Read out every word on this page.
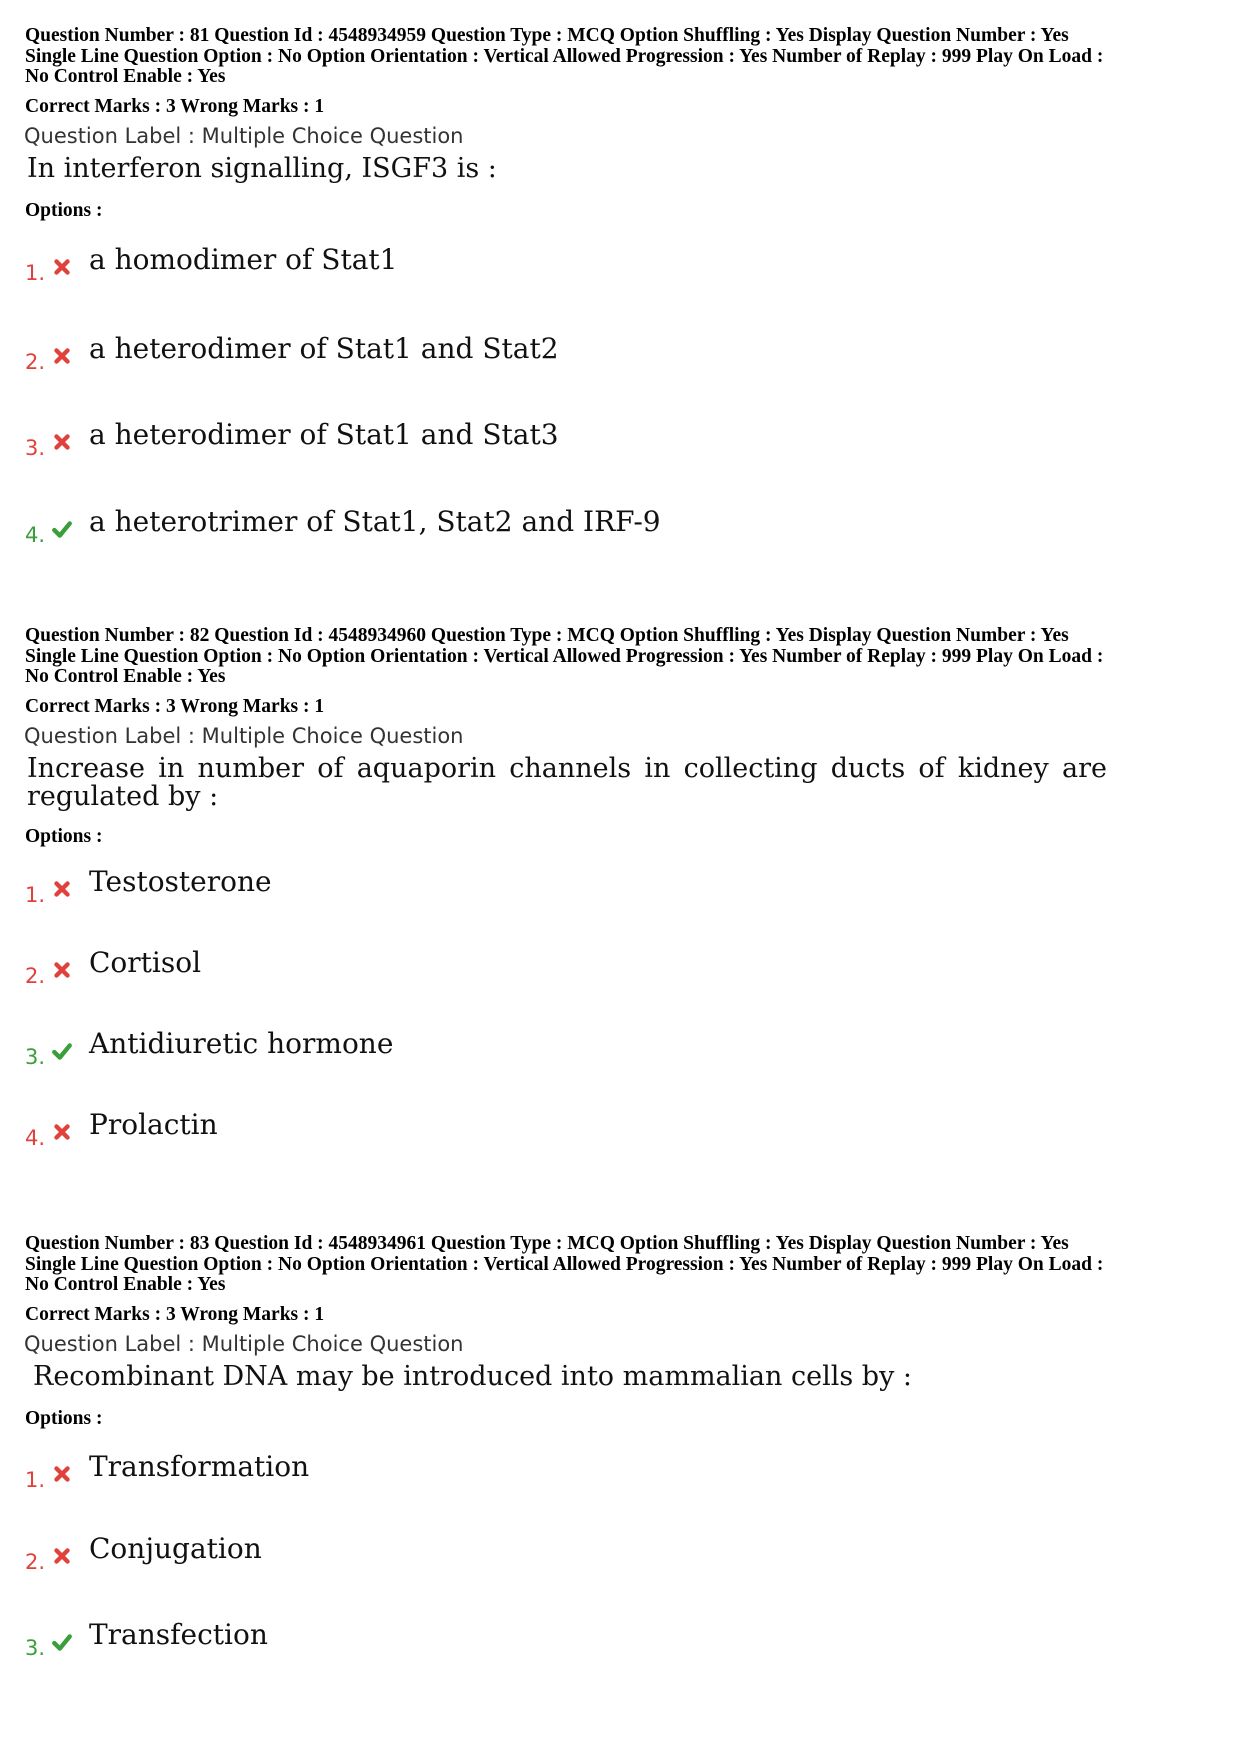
Question Number : 81 Question Id : 4548934959 Question Type : MCQ Option Shuffling : Yes Display Question Number : Yes
Single Line Question Option : No Option Orientation : Vertical Allowed Progression : Yes Number of Replay : 999 Play On Load :
No Control Enable : Yes
Correct Marks : 3 Wrong Marks : 1
Question Label : Multiple Choice Question
In interferon signalling, ISGF3 is :
Options :
1. a homodimer of Stat1
2. a heterodimer of Stat1 and Stat2
3. a heterodimer of Stat1 and Stat3
4. a heterotrimer of Stat1, Stat2 and IRF-9
Question Number : 82 Question Id : 4548934960 Question Type : MCQ Option Shuffling : Yes Display Question Number : Yes
Single Line Question Option : No Option Orientation : Vertical Allowed Progression : Yes Number of Replay : 999 Play On Load :
No Control Enable : Yes
Correct Marks : 3 Wrong Marks : 1
Question Label : Multiple Choice Question
Increase in number of aquaporin channels in collecting ducts of kidney are regulated by :
Options :
1. Testosterone
2. Cortisol
3. Antidiuretic hormone
4. Prolactin
Question Number : 83 Question Id : 4548934961 Question Type : MCQ Option Shuffling : Yes Display Question Number : Yes
Single Line Question Option : No Option Orientation : Vertical Allowed Progression : Yes Number of Replay : 999 Play On Load :
No Control Enable : Yes
Correct Marks : 3 Wrong Marks : 1
Question Label : Multiple Choice Question
Recombinant DNA may be introduced into mammalian cells by :
Options :
1. Transformation
2. Conjugation
3. Transfection
